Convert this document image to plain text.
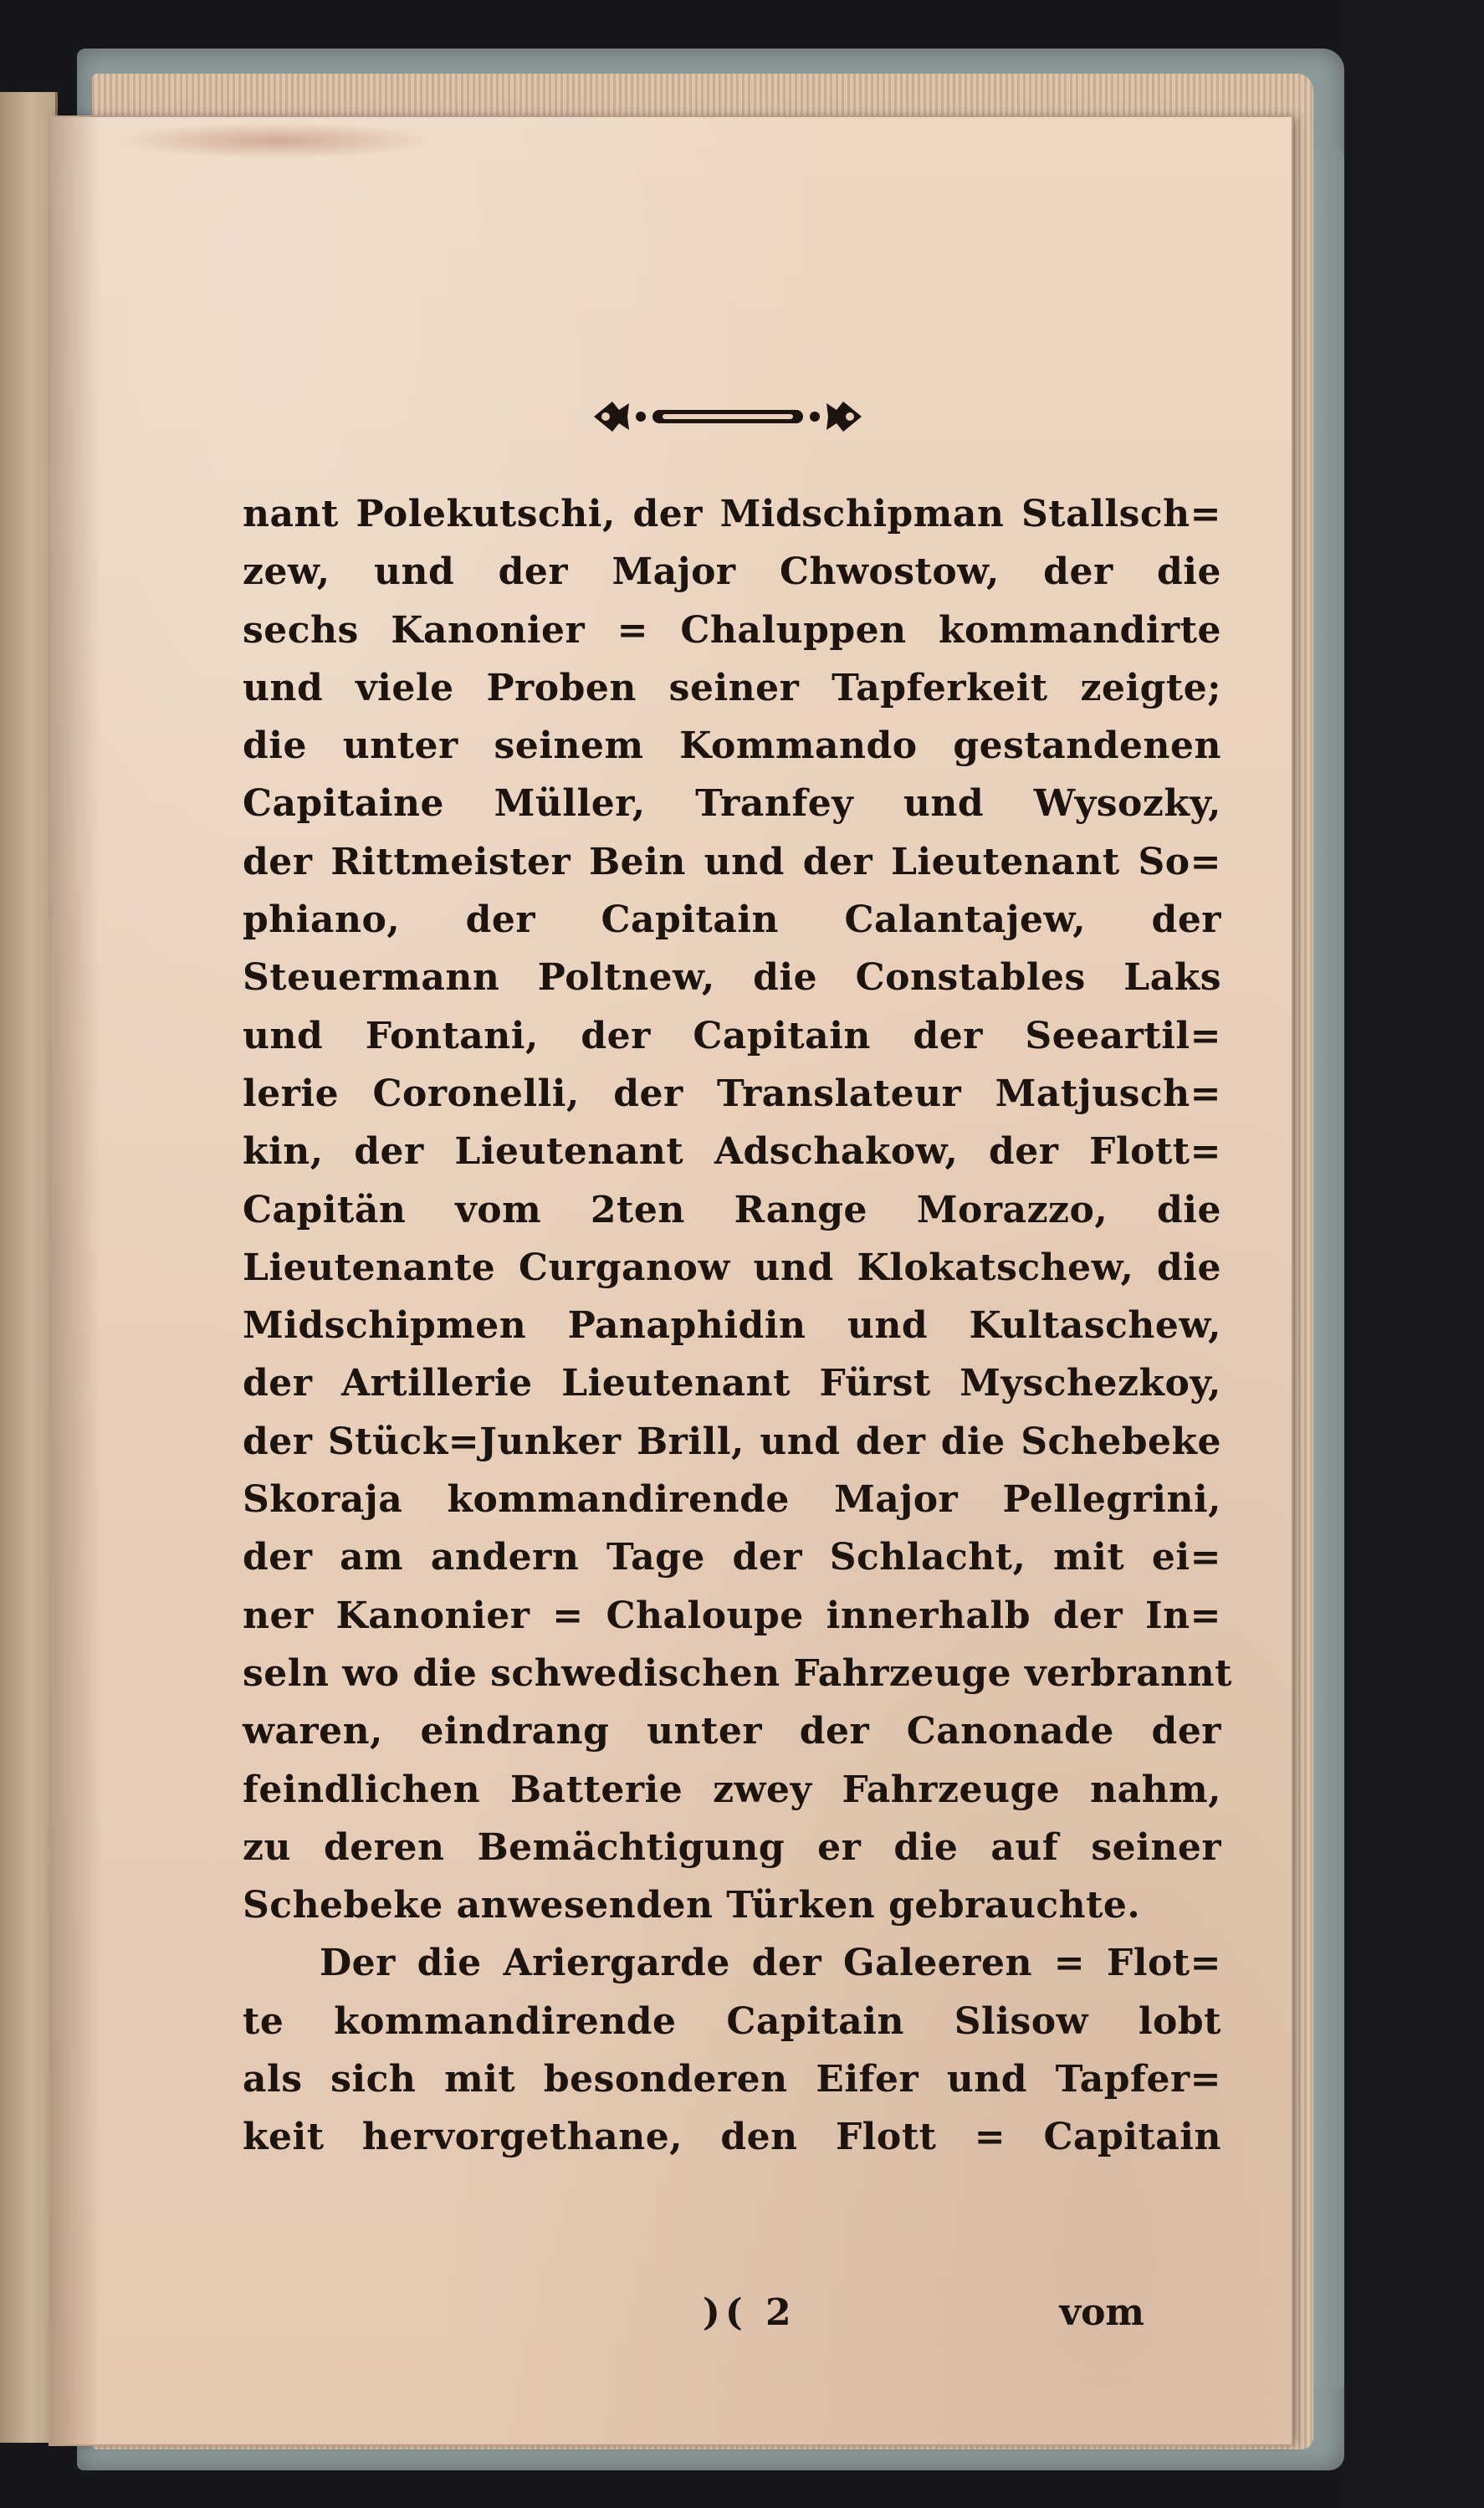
nant Polekutschi, der Midschipman Stallsch=
zew, und der Major Chwostow, der die
sechs Kanonier = Chaluppen kommandirte
und viele Proben seiner Tapferkeit zeigte;
die unter seinem Kommando gestandenen
Capitaine Müller, Tranfey und Wysozky,
der Rittmeister Bein und der Lieutenant So=
phiano, der Capitain Calantajew, der
Steuermann Poltnew, die Constables Laks
und Fontani, der Capitain der Seeartil=
lerie Coronelli, der Translateur Matjusch=
kin, der Lieutenant Adschakow, der Flott=
Capitän vom 2ten Range Morazzo, die
Lieutenante Curganow und Klokatschew, die
Midschipmen Panaphidin und Kultaschew,
der Artillerie Lieutenant Fürst Myschezkoy,
der Stück=Junker Brill, und der die Schebeke
Skoraja kommandirende Major Pellegrini,
der am andern Tage der Schlacht, mit ei=
ner Kanonier = Chaloupe innerhalb der In=
seln wo die schwedischen Fahrzeuge verbrannt
waren, eindrang unter der Canonade der
feindlichen Batterie zwey Fahrzeuge nahm,
zu deren Bemächtigung er die auf seiner
Schebeke anwesenden Türken gebrauchte.
Der die Ariergarde der Galeeren = Flot=
te kommandirende Capitain Slisow lobt
als sich mit besonderen Eifer und Tapfer=
keit hervorgethane, den Flott = Capitain
)( 2	vom
